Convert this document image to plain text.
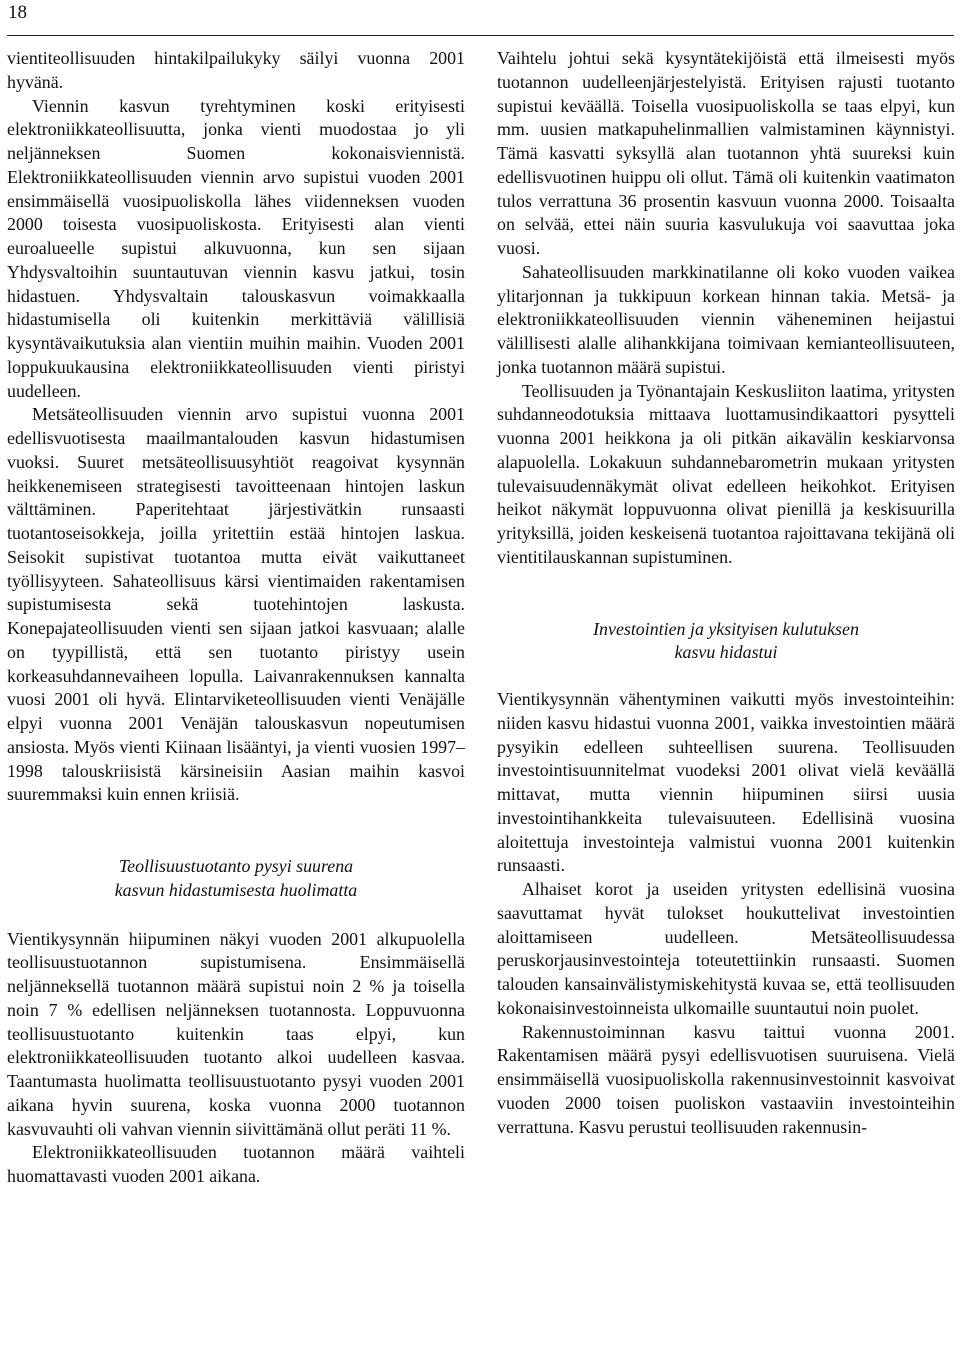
18

vientiteollisuuden hintakilpailukyky säilyi vuonna 2001 hyvänä.

Viennin kasvun tyrehtyminen koski erityisesti elektroniikkateollisuutta, jonka vienti muodostaa jo yli neljänneksen Suomen kokonaisviennistä. Elektroniikkateollisuuden viennin arvo supistui vuoden 2001 ensimmäisellä vuosipuoliskolla lähes viidenneksen vuoden 2000 toisesta vuosipuoliskosta. Erityisesti alan vienti euroalueelle supistui alkuvuonna, kun sen sijaan Yhdysvaltoihin suuntautuvan viennin kasvu jatkui, tosin hidastuen. Yhdysvaltain talouskasvun voimakkaalla hidastumisella oli kuitenkin merkittäviä välillisiä kysyntävaikutuksia alan vientiin muihin maihin. Vuoden 2001 loppukuukausina elektroniikkateollisuuden vienti piristyi uudelleen.

Metsäteollisuuden viennin arvo supistui vuonna 2001 edellisvuotisesta maailmantalouden kasvun hidastumisen vuoksi. Suuret metsäteollisuusyhtiöt reagoivat kysynnän heikkenemiseen strategisesti tavoitteenaan hintojen laskun välttäminen. Paperitehtaat järjestivätkin runsaasti tuotantoseisokkeja, joilla yritettiin estää hintojen laskua. Seisokit supistivat tuotantoa mutta eivät vaikuttaneet työllisyyteen. Sahateollisuus kärsi vientimaiden rakentamisen supistumisesta sekä tuotehintojen laskusta. Konepajateollisuuden vienti sen sijaan jatkoi kasvuaan; alalle on tyypillistä, että sen tuotanto piristyy usein korkeasuhdannevaiheen lopulla. Laivanrakennuksen kannalta vuosi 2001 oli hyvä. Elintarviketeollisuuden vienti Venäjälle elpyi vuonna 2001 Venäjän talouskasvun nopeutumisen ansiosta. Myös vienti Kiinaan lisääntyi, ja vienti vuosien 1997–1998 talouskriisistä kärsineisiin Aasian maihin kasvoi suuremmaksi kuin ennen kriisiä.

Teollisuustuotanto pysyi suurena
kasvun hidastumisesta huolimatta

Vientikysynnän hiipuminen näkyi vuoden 2001 alkupuolella teollisuustuotannon supistumisena. Ensimmäisellä neljänneksellä tuotannon määrä supistui noin 2 % ja toisella noin 7 % edellisen neljänneksen tuotannosta. Loppuvuonna teollisuustuotanto kuitenkin taas elpyi, kun elektroniikkateollisuuden tuotanto alkoi uudelleen kasvaa. Taantumasta huolimatta teollisuustuotanto pysyi vuoden 2001 aikana hyvin suurena, koska vuonna 2000 tuotannon kasvuvauhti oli vahvan viennin siivittämänä ollut peräti 11 %.

Elektroniikkateollisuuden tuotannon määrä vaihteli huomattavasti vuoden 2001 aikana.

Vaihtelu johtui sekä kysyntätekijöistä että ilmeisesti myös tuotannon uudelleenjärjestelyistä. Erityisen rajusti tuotanto supistui keväällä. Toisella vuosipuoliskolla se taas elpyi, kun mm. uusien matkapuhelinmallien valmistaminen käynnistyi. Tämä kasvatti syksyllä alan tuotannon yhtä suureksi kuin edellisvuotinen huippu oli ollut. Tämä oli kuitenkin vaatimaton tulos verrattuna 36 prosentin kasvuun vuonna 2000. Toisaalta on selvää, ettei näin suuria kasvulukuja voi saavuttaa joka vuosi.

Sahateollisuuden markkinatilanne oli koko vuoden vaikea ylitarjonnan ja tukkipuun korkean hinnan takia. Metsä- ja elektroniikkateollisuuden viennin väheneminen heijastui välillisesti alalle alihankkijana toimivaan kemianteollisuuteen, jonka tuotannon määrä supistui.

Teollisuuden ja Työnantajain Keskusliiton laatima, yritysten suhdanneodotuksia mittaava luottamusindikaattori pysytteli vuonna 2001 heikkona ja oli pitkän aikavälin keskiarvonsa alapuolella. Lokakuun suhdannebarometrin mukaan yritysten tulevaisuudennäkymät olivat edelleen heikohkot. Erityisen heikot näkymät loppuvuonna olivat pienillä ja keskisuurilla yrityksillä, joiden keskeisenä tuotantoa rajoittavana tekijänä oli vientitilauskannan supistuminen.

Investointien ja yksityisen kulutuksen
kasvu hidastui

Vientikysynnän vähentyminen vaikutti myös investointeihin: niiden kasvu hidastui vuonna 2001, vaikka investointien määrä pysyikin edelleen suhteellisen suurena. Teollisuuden investointisuunnitelmat vuodeksi 2001 olivat vielä keväällä mittavat, mutta viennin hiipuminen siirsi uusia investointihankkeita tulevaisuuteen. Edellisinä vuosina aloitettuja investointeja valmistui vuonna 2001 kuitenkin runsaasti.

Alhaiset korot ja useiden yritysten edellisinä vuosina saavuttamat hyvät tulokset houkuttelivat investointien aloittamiseen uudelleen. Metsäteollisuudessa peruskorjausinvestointeja toteutettiinkin runsaasti. Suomen talouden kansainvälistymiskehitystä kuvaa se, että teollisuuden kokonaisinvestoinneista ulkomaille suuntautui noin puolet.

Rakennustoiminnan kasvu taittui vuonna 2001. Rakentamisen määrä pysyi edellisvuotisen suuruisena. Vielä ensimmäisellä vuosipuoliskolla rakennusinvestoinnit kasvoivat vuoden 2000 toisen puoliskon vastaaviin investointeihin verrattuna. Kasvu perustui teollisuuden rakennusin-
